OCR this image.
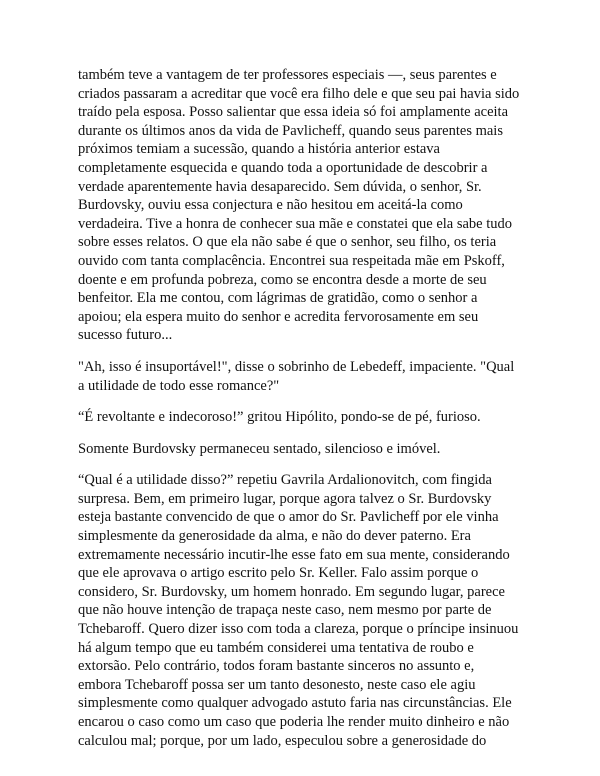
também teve a vantagem de ter professores especiais —, seus parentes e criados passaram a acreditar que você era filho dele e que seu pai havia sido traído pela esposa. Posso salientar que essa ideia só foi amplamente aceita durante os últimos anos da vida de Pavlicheff, quando seus parentes mais próximos temiam a sucessão, quando a história anterior estava completamente esquecida e quando toda a oportunidade de descobrir a verdade aparentemente havia desaparecido. Sem dúvida, o senhor, Sr. Burdovsky, ouviu essa conjectura e não hesitou em aceitá-la como verdadeira. Tive a honra de conhecer sua mãe e constatei que ela sabe tudo sobre esses relatos. O que ela não sabe é que o senhor, seu filho, os teria ouvido com tanta complacência. Encontrei sua respeitada mãe em Pskoff, doente e em profunda pobreza, como se encontra desde a morte de seu benfeitor. Ela me contou, com lágrimas de gratidão, como o senhor a apoiou; ela espera muito do senhor e acredita fervorosamente em seu sucesso futuro...

"Ah, isso é insuportável!", disse o sobrinho de Lebedeff, impaciente. "Qual a utilidade de todo esse romance?"

“É revoltante e indecoroso!” gritou Hipólito, pondo-se de pé, furioso.

Somente Burdovsky permaneceu sentado, silencioso e imóvel.

“Qual é a utilidade disso?” repetiu Gavrila Ardalionovitch, com fingida surpresa. Bem, em primeiro lugar, porque agora talvez o Sr. Burdovsky esteja bastante convencido de que o amor do Sr. Pavlicheff por ele vinha simplesmente da generosidade da alma, e não do dever paterno. Era extremamente necessário incutir-lhe esse fato em sua mente, considerando que ele aprovava o artigo escrito pelo Sr. Keller. Falo assim porque o considero, Sr. Burdovsky, um homem honrado. Em segundo lugar, parece que não houve intenção de trapaça neste caso, nem mesmo por parte de Tchebaroff. Quero dizer isso com toda a clareza, porque o príncipe insinuou há algum tempo que eu também considerei uma tentativa de roubo e extorsão. Pelo contrário, todos foram bastante sinceros no assunto e, embora Tchebaroff possa ser um tanto desonesto, neste caso ele agiu simplesmente como qualquer advogado astuto faria nas circunstâncias. Ele encarou o caso como um caso que poderia lhe render muito dinheiro e não calculou mal; porque, por um lado, especulou sobre a generosidade do
